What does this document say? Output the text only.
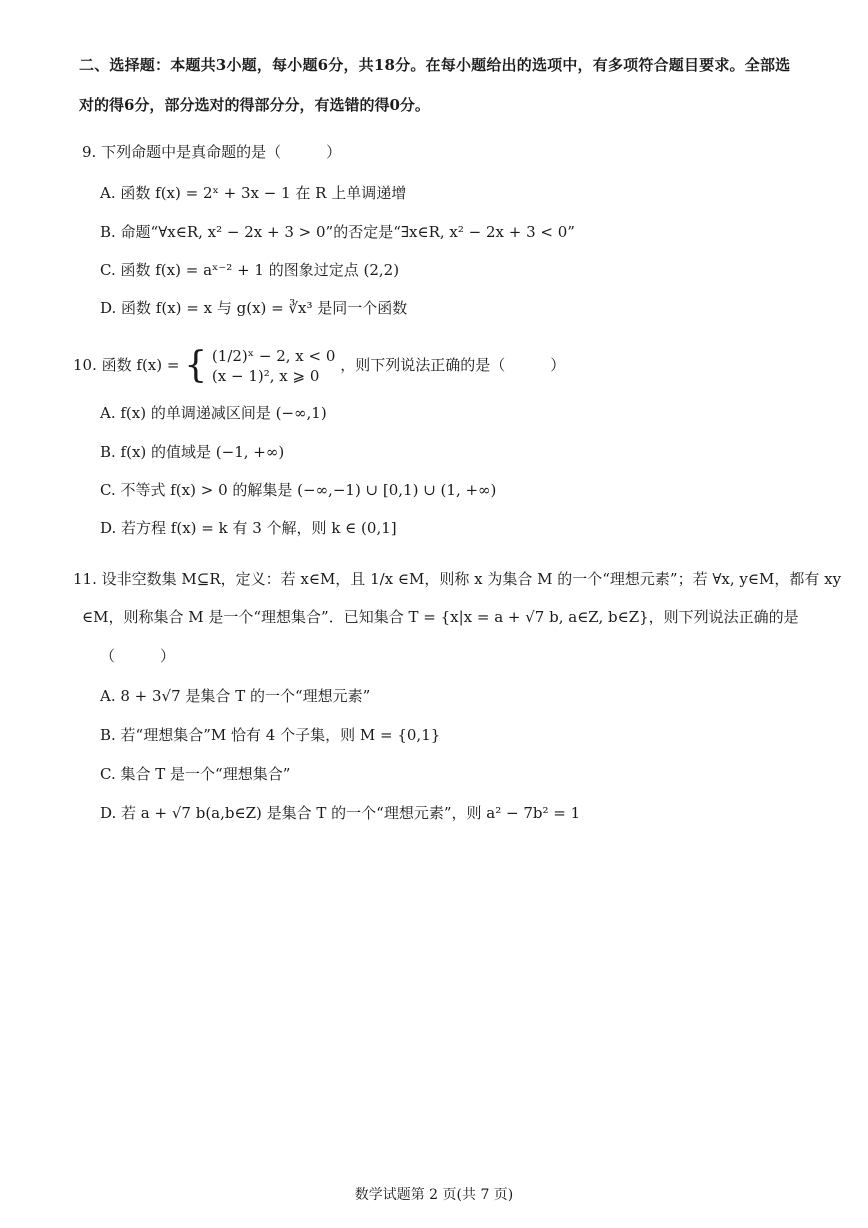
二、选择题：本题共3小题，每小题6分，共18分。在每小题给出的选项中，有多项符合题目要求。全部选
对的得6分，部分选对的得部分分，有选错的得0分。
9. 下列命题中是真命题的是（　　　）
A. 函数 f(x) = 2ˣ + 3x − 1 在 R 上单调递增
B. 命题“∀x∈R, x² − 2x + 3 > 0”的否定是“∃x∈R, x² − 2x + 3 < 0”
C. 函数 f(x) = aˣ⁻² + 1 的图象过定点 (2,2)
D. 函数 f(x) = x 与 g(x) = ∛x³ 是同一个函数
10. 函数 f(x) = { (1/2)ˣ − 2, x < 0
(x − 1)², x ⩾ 0
，则下列说法正确的是（　　　）
A. f(x) 的单调递减区间是 (−∞,1)
B. f(x) 的值域是 (−1, +∞)
C. 不等式 f(x) > 0 的解集是 (−∞,−1) ∪ [0,1) ∪ (1, +∞)
D. 若方程 f(x) = k 有 3 个解，则 k ∈ (0,1]
11. 设非空数集 M⊆R，定义：若 x∈M，且 1/x ∈M，则称 x 为集合 M 的一个“理想元素”；若 ∀x, y∈M，都有 xy
∈M，则称集合 M 是一个“理想集合”．已知集合 T = {x|x = a + √7 b, a∈Z, b∈Z}，则下列说法正确的是
（　　　）
A. 8 + 3√7 是集合 T 的一个“理想元素”
B. 若“理想集合”M 恰有 4 个子集，则 M = {0,1}
C. 集合 T 是一个“理想集合”
D. 若 a + √7 b(a,b∈Z) 是集合 T 的一个“理想元素”，则 a² − 7b² = 1
数学试题第 2 页(共 7 页)
